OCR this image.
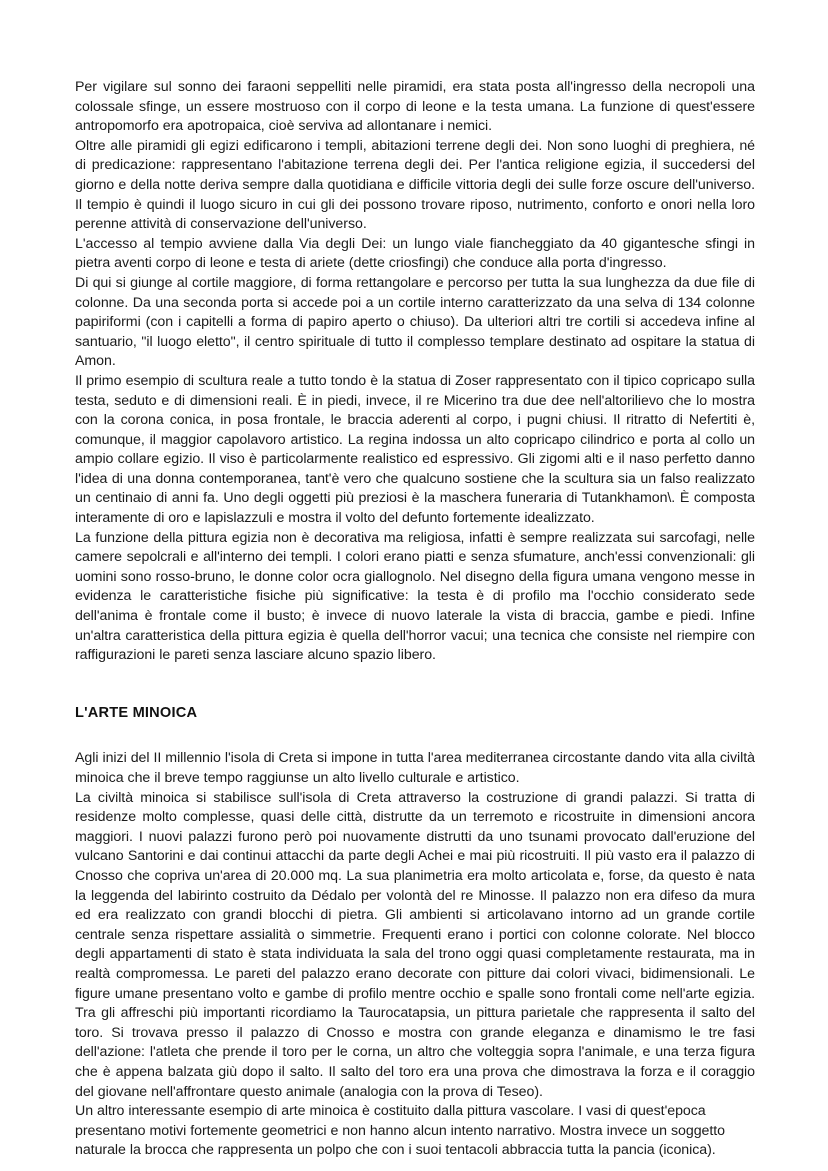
Per vigilare sul sonno dei faraoni seppelliti nelle piramidi, era stata posta all'ingresso della necropoli una colossale sfinge, un essere mostruoso con il corpo di leone e la testa umana. La funzione di quest'essere antropomorfo era apotropaica, cioè serviva ad allontanare i nemici.

Oltre alle piramidi gli egizi edificarono i templi, abitazioni terrene degli dei. Non sono luoghi di preghiera, né di predicazione: rappresentano l'abitazione terrena degli dei. Per l'antica religione egizia, il succedersi del giorno e della notte deriva sempre dalla quotidiana e difficile vittoria degli dei sulle forze oscure dell'universo. Il tempio è quindi il luogo sicuro in cui gli dei possono trovare riposo, nutrimento, conforto e onori nella loro perenne attività di conservazione dell'universo.

L'accesso al tempio avviene dalla Via degli Dei: un lungo viale fiancheggiato da 40 gigantesche sfingi in pietra aventi corpo di leone e testa di ariete (dette criosfingi) che conduce alla porta d'ingresso.

Di qui si giunge al cortile maggiore, di forma rettangolare e percorso per tutta la sua lunghezza da due file di colonne. Da una seconda porta si accede poi a un cortile interno caratterizzato da una selva di 134 colonne papiriformi (con i capitelli a forma di papiro aperto o chiuso). Da ulteriori altri tre cortili si accedeva infine al santuario, "il luogo eletto", il centro spirituale di tutto il complesso templare destinato ad ospitare la statua di Amon.

Il primo esempio di scultura reale a tutto tondo è la statua di Zoser rappresentato con il tipico copricapo sulla testa, seduto e di dimensioni reali. È in piedi, invece, il re Micerino tra due dee nell'altorilievo che lo mostra con la corona conica, in posa frontale, le braccia aderenti al corpo, i pugni chiusi. Il ritratto di Nefertiti è, comunque, il maggior capolavoro artistico. La regina indossa un alto copricapo cilindrico e porta al collo un ampio collare egizio. Il viso è particolarmente realistico ed espressivo. Gli zigomi alti e il naso perfetto danno l'idea di una donna contemporanea, tant'è vero che qualcuno sostiene che la scultura sia un falso realizzato un centinaio di anni fa. Uno degli oggetti più preziosi è la maschera funeraria di Tutankhamon\. È composta interamente di oro e lapislazzuli e mostra il volto del defunto fortemente idealizzato.

La funzione della pittura egizia non è decorativa ma religiosa, infatti è sempre realizzata sui sarcofagi, nelle camere sepolcrali e all'interno dei templi. I colori erano piatti e senza sfumature, anch'essi convenzionali: gli uomini sono rosso-bruno, le donne color ocra giallognolo. Nel disegno della figura umana vengono messe in evidenza le caratteristiche fisiche più significative: la testa è di profilo ma l'occhio considerato sede dell'anima è frontale come il busto; è invece di nuovo laterale la vista di braccia, gambe e piedi. Infine un'altra caratteristica della pittura egizia è quella dell'horror vacui; una tecnica che consiste nel riempire con raffigurazioni le pareti senza lasciare alcuno spazio libero.

L'ARTE MINOICA

Agli inizi del II millennio l'isola di Creta si impone in tutta l'area mediterranea circostante dando vita alla civiltà minoica che il breve tempo raggiunse un alto livello culturale e artistico.

La civiltà minoica si stabilisce sull'isola di Creta attraverso la costruzione di grandi palazzi. Si tratta di residenze molto complesse, quasi delle città, distrutte da un terremoto e ricostruite in dimensioni ancora maggiori. I nuovi palazzi furono però poi nuovamente distrutti da uno tsunami provocato dall'eruzione del vulcano Santorini e dai continui attacchi da parte degli Achei e mai più ricostruiti. Il più vasto era il palazzo di Cnosso che copriva un'area di 20.000 mq. La sua planimetria era molto articolata e, forse, da questo è nata la leggenda del labirinto costruito da Dédalo per volontà del re Minosse. Il palazzo non era difeso da mura ed era realizzato con grandi blocchi di pietra. Gli ambienti si articolavano intorno ad un grande cortile centrale senza rispettare assialità o simmetrie. Frequenti erano i portici con colonne colorate. Nel blocco degli appartamenti di stato è stata individuata la sala del trono oggi quasi completamente restaurata, ma in realtà compromessa. Le pareti del palazzo erano decorate con pitture dai colori vivaci, bidimensionali. Le figure umane presentano volto e gambe di profilo mentre occhio e spalle sono frontali come nell'arte egizia. Tra gli affreschi più importanti ricordiamo la Taurocatapsia, un pittura parietale che rappresenta il salto del toro. Si trovava presso il palazzo di Cnosso e mostra con grande eleganza e dinamismo le tre fasi dell'azione: l'atleta che prende il toro per le corna, un altro che volteggia sopra l'animale, e una terza figura che è appena balzata giù dopo il salto. Il salto del toro era una prova che dimostrava la forza e il coraggio del giovane nell'affrontare questo animale (analogia con la prova di Teseo).

Un altro interessante esempio di arte minoica è costituito dalla pittura vascolare. I vasi di quest'epoca presentano motivi fortemente geometrici e non hanno alcun intento narrativo. Mostra invece un soggetto naturale la brocca che rappresenta un polpo che con i suoi tentacoli abbraccia tutta la pancia (iconica).
